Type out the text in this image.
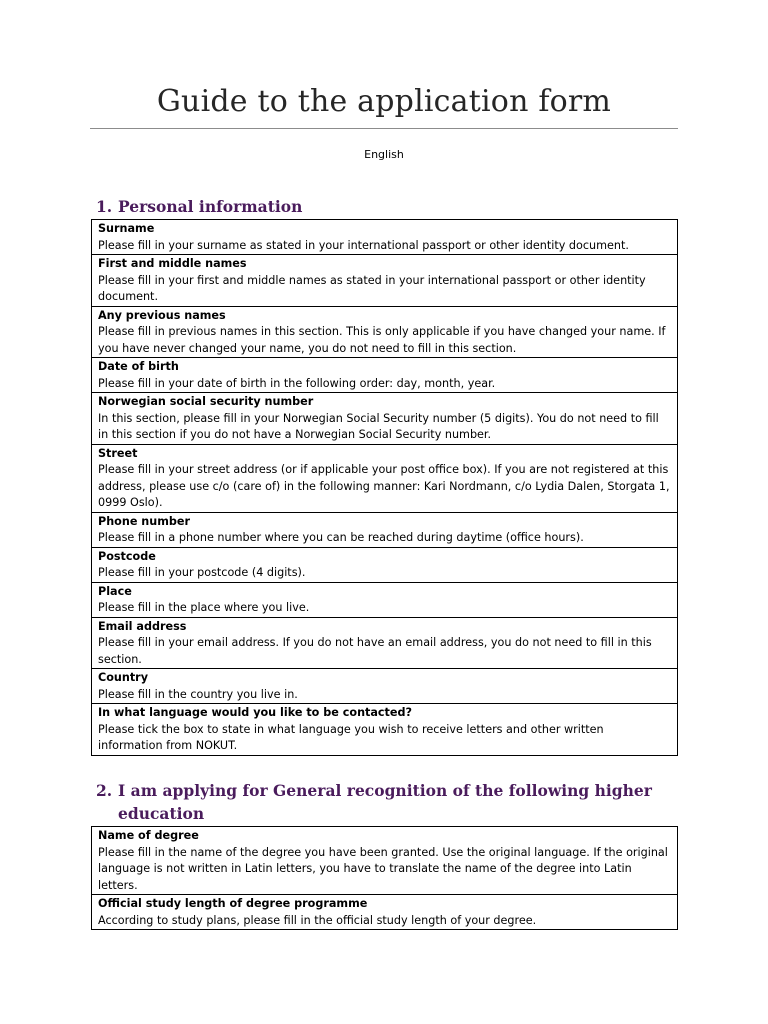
Guide to the application form
English
1. Personal information
Surname
Please fill in your surname as stated in your international passport or other identity document.

First and middle names
Please fill in your first and middle names as stated in your international passport or other identity document.

Any previous names
Please fill in previous names in this section. This is only applicable if you have changed your name. If you have never changed your name, you do not need to fill in this section.

Date of birth
Please fill in your date of birth in the following order: day, month, year.

Norwegian social security number
In this section, please fill in your Norwegian Social Security number (5 digits). You do not need to fill in this section if you do not have a Norwegian Social Security number.

Street
Please fill in your street address (or if applicable your post office box). If you are not registered at this address, please use c/o (care of) in the following manner: Kari Nordmann, c/o Lydia Dalen, Storgata 1, 0999 Oslo).

Phone number
Please fill in a phone number where you can be reached during daytime (office hours).

Postcode
Please fill in your postcode (4 digits).

Place
Please fill in the place where you live.

Email address
Please fill in your email address. If you do not have an email address, you do not need to fill in this section.

Country
Please fill in the country you live in.

In what language would you like to be contacted?
Please tick the box to state in what language you wish to receive letters and other written information from NOKUT.
2. I am applying for General recognition of the following higher
education
Name of degree
Please fill in the name of the degree you have been granted. Use the original language. If the original language is not written in Latin letters, you have to translate the name of the degree into Latin letters.

Official study length of degree programme
According to study plans, please fill in the official study length of your degree.
